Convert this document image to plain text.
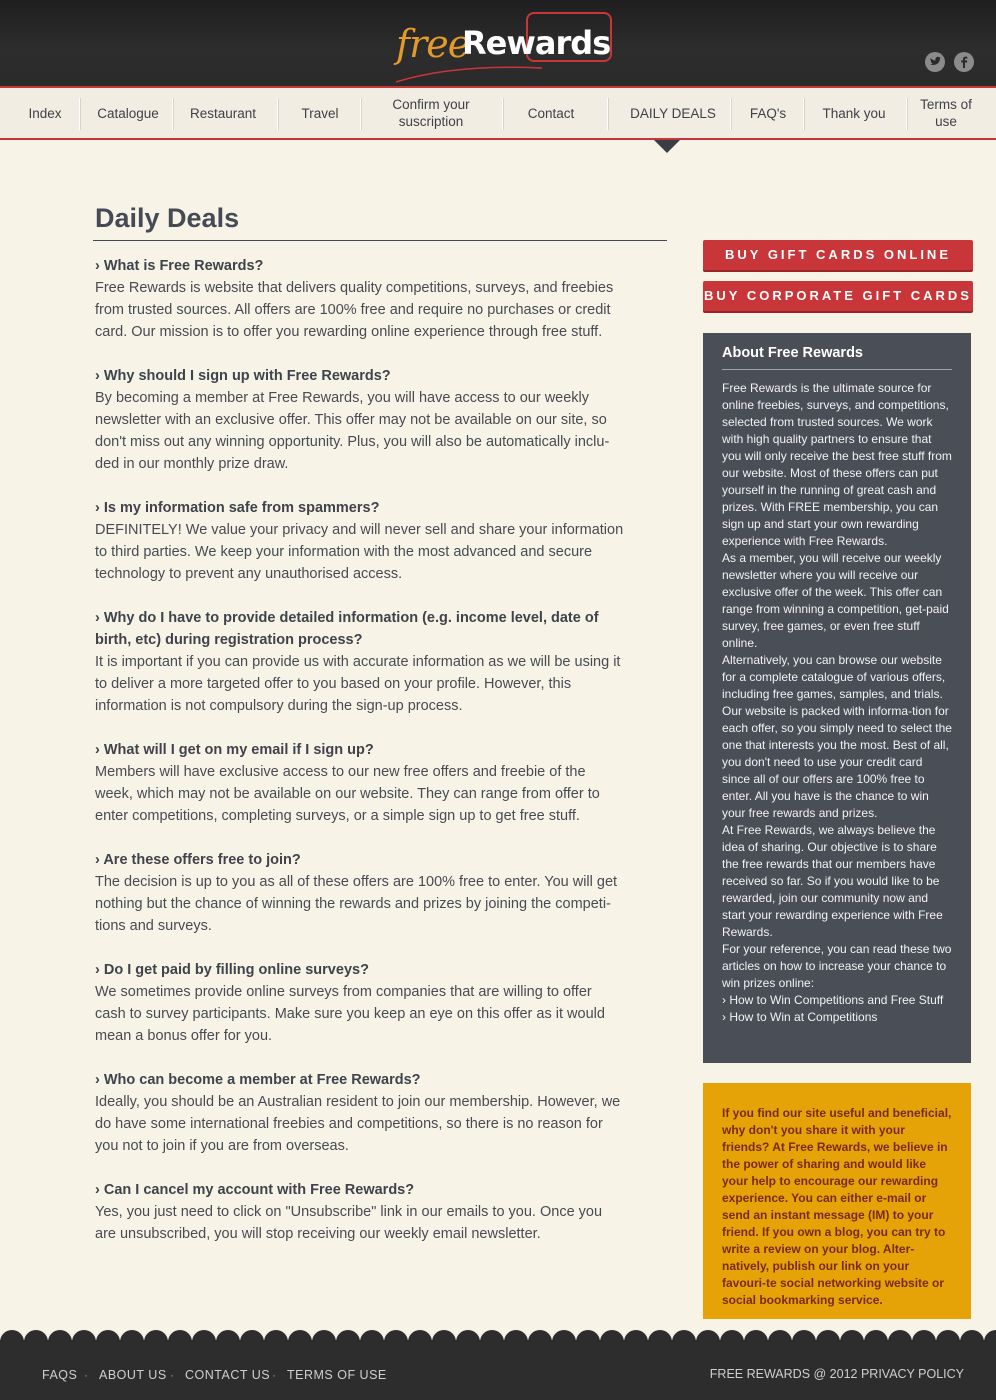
free
Rewards
Index	Catalogue	Restaurant	Travel
Confirm your suscription
Contact	DAILY DEALS	FAQ's	Thank you
Terms of use
Daily Deals
› What is Free Rewards?
Free Rewards is website that delivers quality competitions, surveys, and freebies from trusted sources. All offers are 100% free and require no purchases or credit card. Our mission is to offer you rewarding online experience through free stuff.
› Why should I sign up with Free Rewards?
By becoming a member at Free Rewards, you will have access to our weekly newsletter with an exclusive offer. This offer may not be available on our site, so don't miss out any winning opportunity. Plus, you will also be automatically inclu-ded in our monthly prize draw.
› Is my information safe from spammers?
DEFINITELY! We value your privacy and will never sell and share your information to third parties. We keep your information with the most advanced and secure technology to prevent any unauthorised access.
› Why do I have to provide detailed information (e.g. income level, date of birth, etc) during registration process?
It is important if you can provide us with accurate information as we will be using it to deliver a more targeted offer to you based on your profile. However, this information is not compulsory during the sign-up process.
› What will I get on my email if I sign up?
Members will have exclusive access to our new free offers and freebie of the week, which may not be available on our website. They can range from offer to enter competitions, completing surveys, or a simple sign up to get free stuff.
› Are these offers free to join?
The decision is up to you as all of these offers are 100% free to enter. You will get nothing but the chance of winning the rewards and prizes by joining the competi-tions and surveys.
› Do I get paid by filling online surveys?
We sometimes provide online surveys from companies that are willing to offer cash to survey participants. Make sure you keep an eye on this offer as it would mean a bonus offer for you.
› Who can become a member at Free Rewards?
Ideally, you should be an Australian resident to join our membership. However, we do have some international freebies and competitions, so there is no reason for you not to join if you are from overseas.
› Can I cancel my account with Free Rewards?
Yes, you just need to click on "Unsubscribe" link in our emails to you. Once you are unsubscribed, you will stop receiving our weekly email newsletter.
BUY GIFT CARDS ONLINE
BUY CORPORATE GIFT CARDS
About Free Rewards

Free Rewards is the ultimate source for online freebies, surveys, and competitions, selected from trusted sources. We work with high quality partners to ensure that you will only receive the best free stuff from our website. Most of these offers can put yourself in the running of great cash and prizes. With FREE membership, you can sign up and start your own rewarding experience with Free Rewards.

As a member, you will receive our weekly newsletter where you will receive our exclusive offer of the week. This offer can range from winning a competition, get-paid survey, free games, or even free stuff online.

Alternatively, you can browse our website for a complete catalogue of various offers, including free games, samples, and trials. Our website is packed with informa-tion for each offer, so you simply need to select the one that interests you the most. Best of all, you don't need to use your credit card since all of our offers are 100% free to enter. All you have is the chance to win your free rewards and prizes.

At Free Rewards, we always believe the idea of sharing. Our objective is to share the free rewards that our members have received so far. So if you would like to be rewarded, join our community now and start your rewarding experience with Free Rewards.

For your reference, you can read these two articles on how to increase your chance to win prizes online:

› How to Win Competitions and Free Stuff
› How to Win at Competitions

If you find our site useful and beneficial, why don't you share it with your friends? At Free Rewards, we believe in the power of sharing and would like your help to encourage our rewarding experience. You can either e-mail or send an instant message (IM) to your friend. If you own a blog, you can try to write a review on your blog. Alter-natively, publish our link on your favouri-te social networking website or social bookmarking service.

FAQS · ABOUT US · CONTACT US · TERMS OF USE	FREE REWARDS @ 2012 PRIVACY POLICY
